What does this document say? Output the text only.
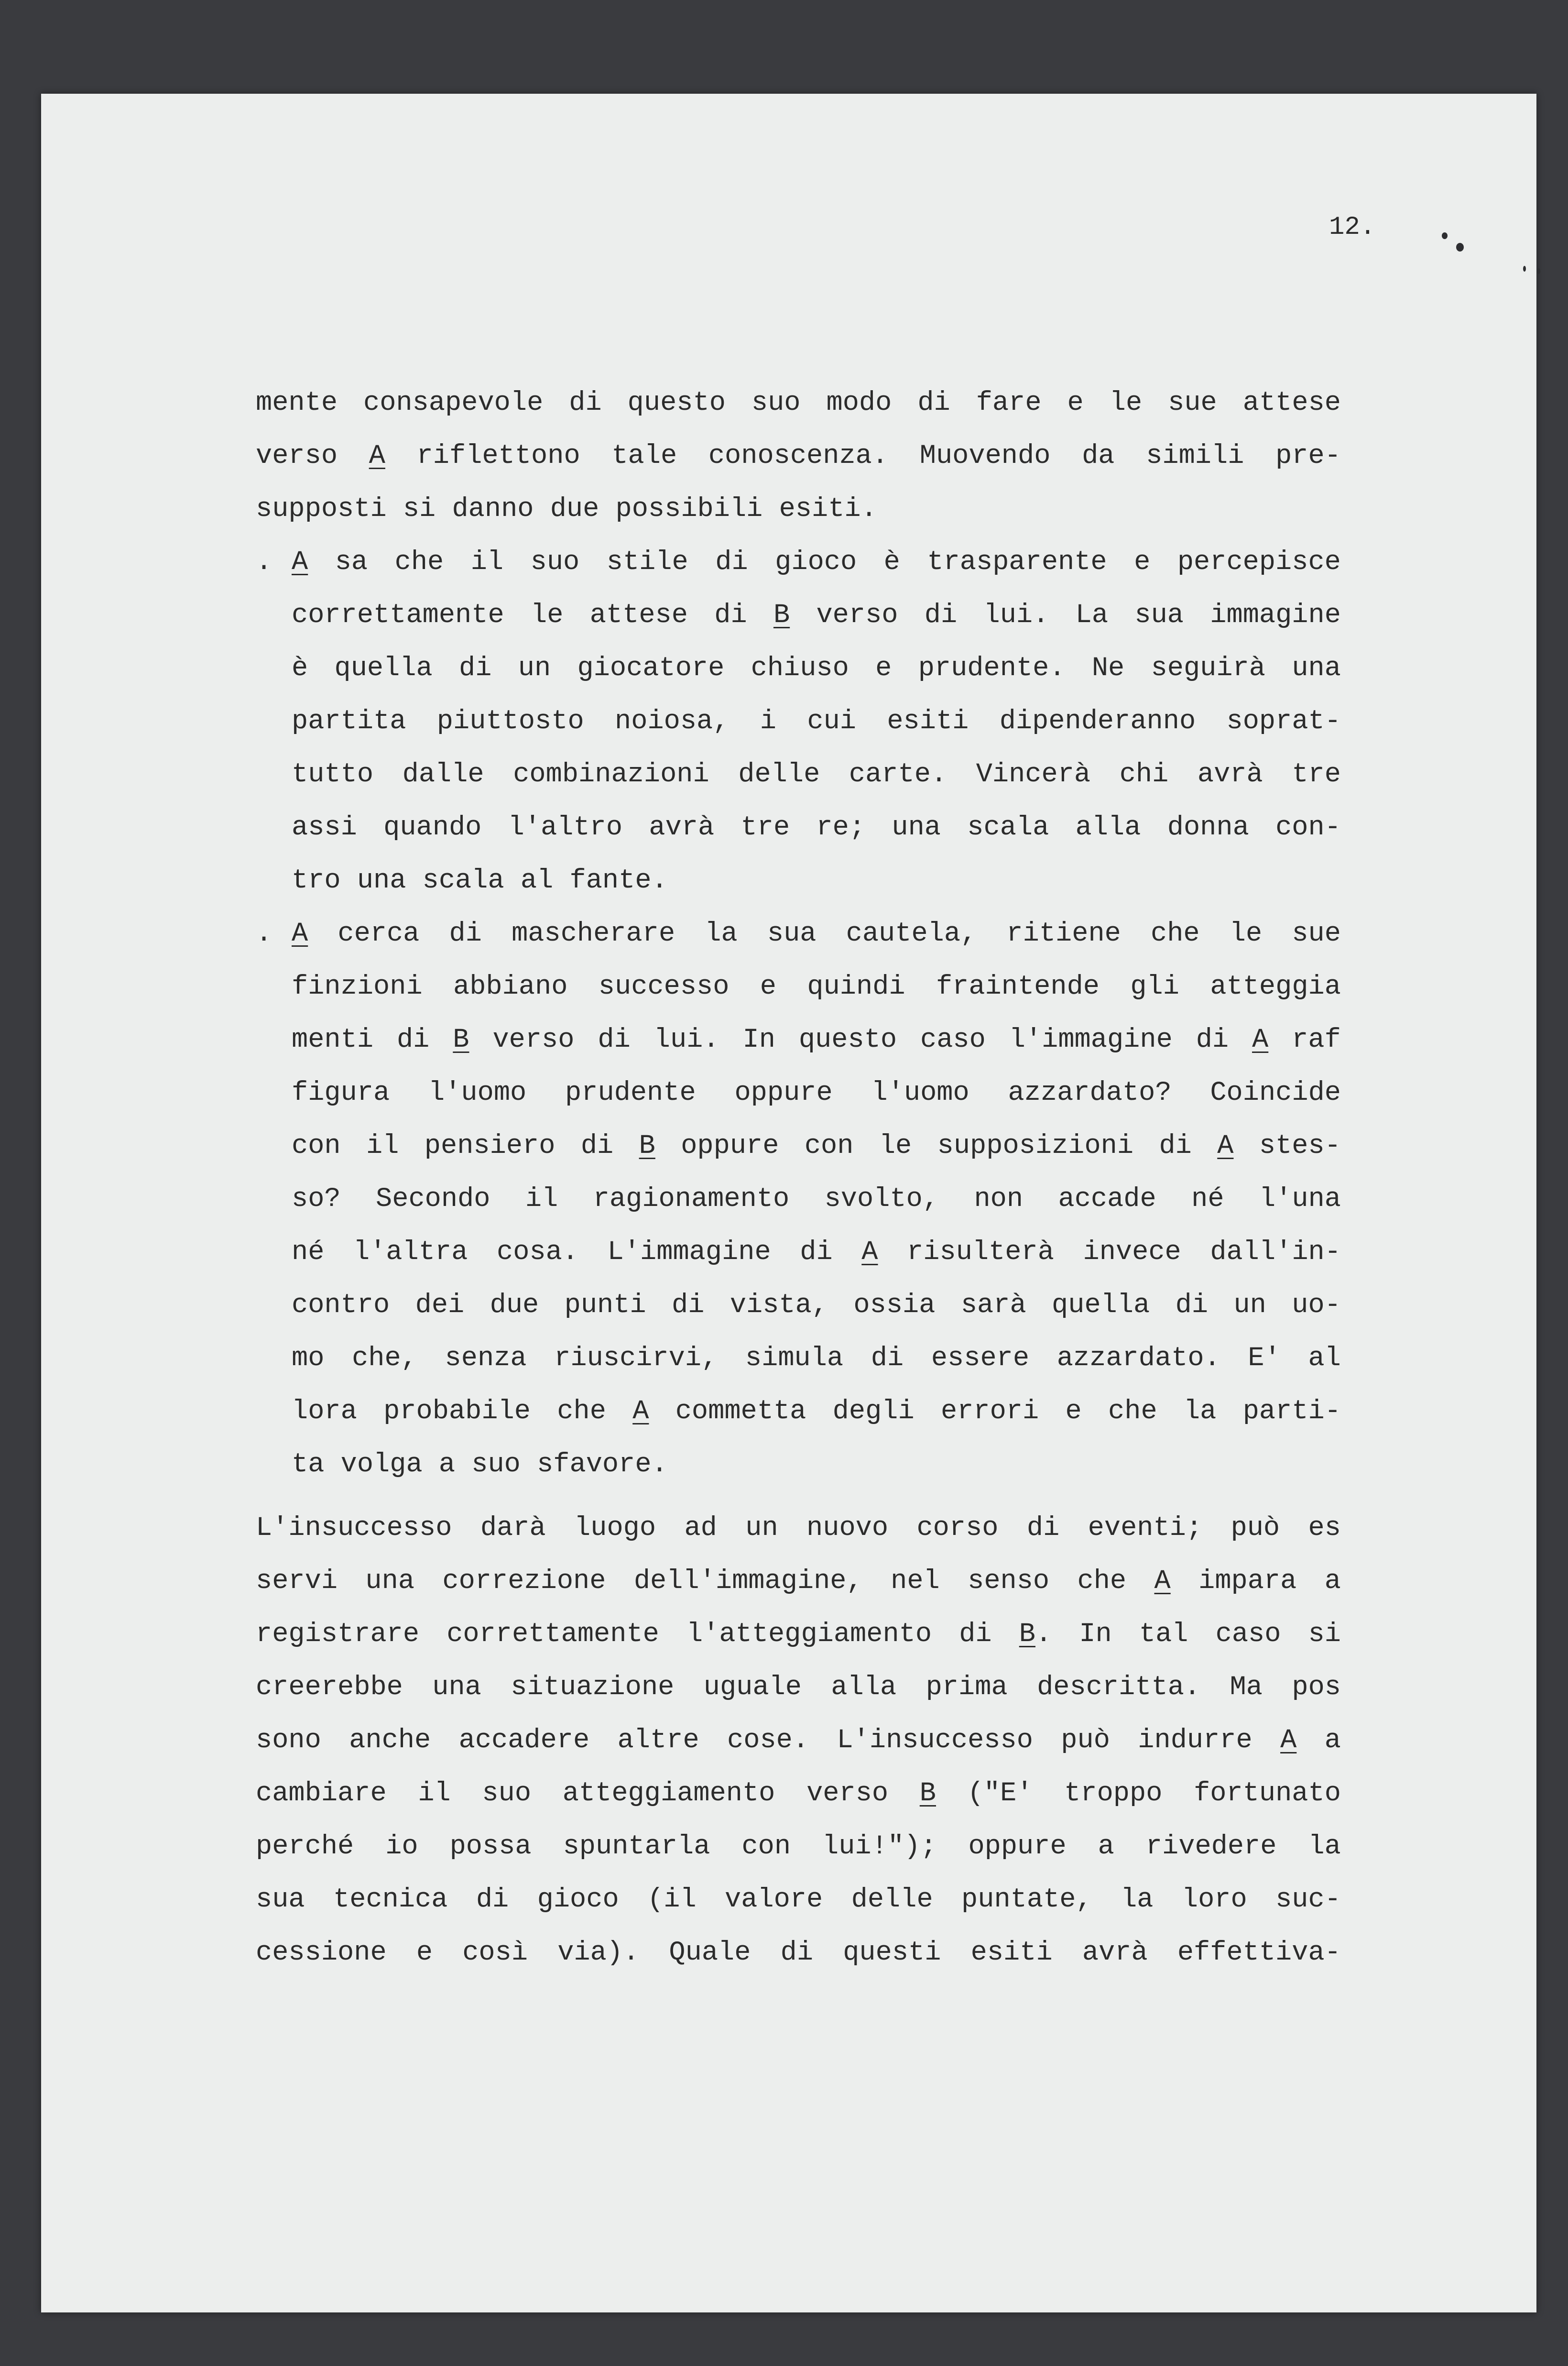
12.
mente consapevole di questo suo modo di fare e le sue attese
verso A riflettono tale conoscenza. Muovendo da simili pre-
supposti si danno due possibili esiti.
. A sa che il suo stile di gioco è trasparente e percepisce
correttamente le attese di B verso di lui. La sua immagine
è quella di un giocatore chiuso e prudente. Ne seguirà una
partita piuttosto noiosa, i cui esiti dipenderanno soprat-
tutto dalle combinazioni delle carte. Vincerà chi avrà tre
assi quando l'altro avrà tre re; una scala alla donna con-
tro una scala al fante.
. A cerca di mascherare la sua cautela, ritiene che le sue
finzioni abbiano successo e quindi fraintende gli atteggia
menti di B verso di lui. In questo caso l'immagine di A raf
figura l'uomo prudente oppure l'uomo azzardato? Coincide
con il pensiero di B oppure con le supposizioni di A stes-
so? Secondo il ragionamento svolto, non accade né l'una
né l'altra cosa. L'immagine di A risulterà invece dall'in-
contro dei due punti di vista, ossia sarà quella di un uo-
mo che, senza riuscirvi, simula di essere azzardato. E' al
lora probabile che A commetta degli errori e che la parti-
ta volga a suo sfavore.
L'insuccesso darà luogo ad un nuovo corso di eventi; può es
servi una correzione dell'immagine, nel senso che A impara a
registrare correttamente l'atteggiamento di B. In tal caso si
creerebbe una situazione uguale alla prima descritta. Ma pos
sono anche accadere altre cose. L'insuccesso può indurre A a
cambiare il suo atteggiamento verso B ("E' troppo fortunato
perché io possa spuntarla con lui!"); oppure a rivedere la
sua tecnica di gioco (il valore delle puntate, la loro suc-
cessione e così via). Quale di questi esiti avrà effettiva-
